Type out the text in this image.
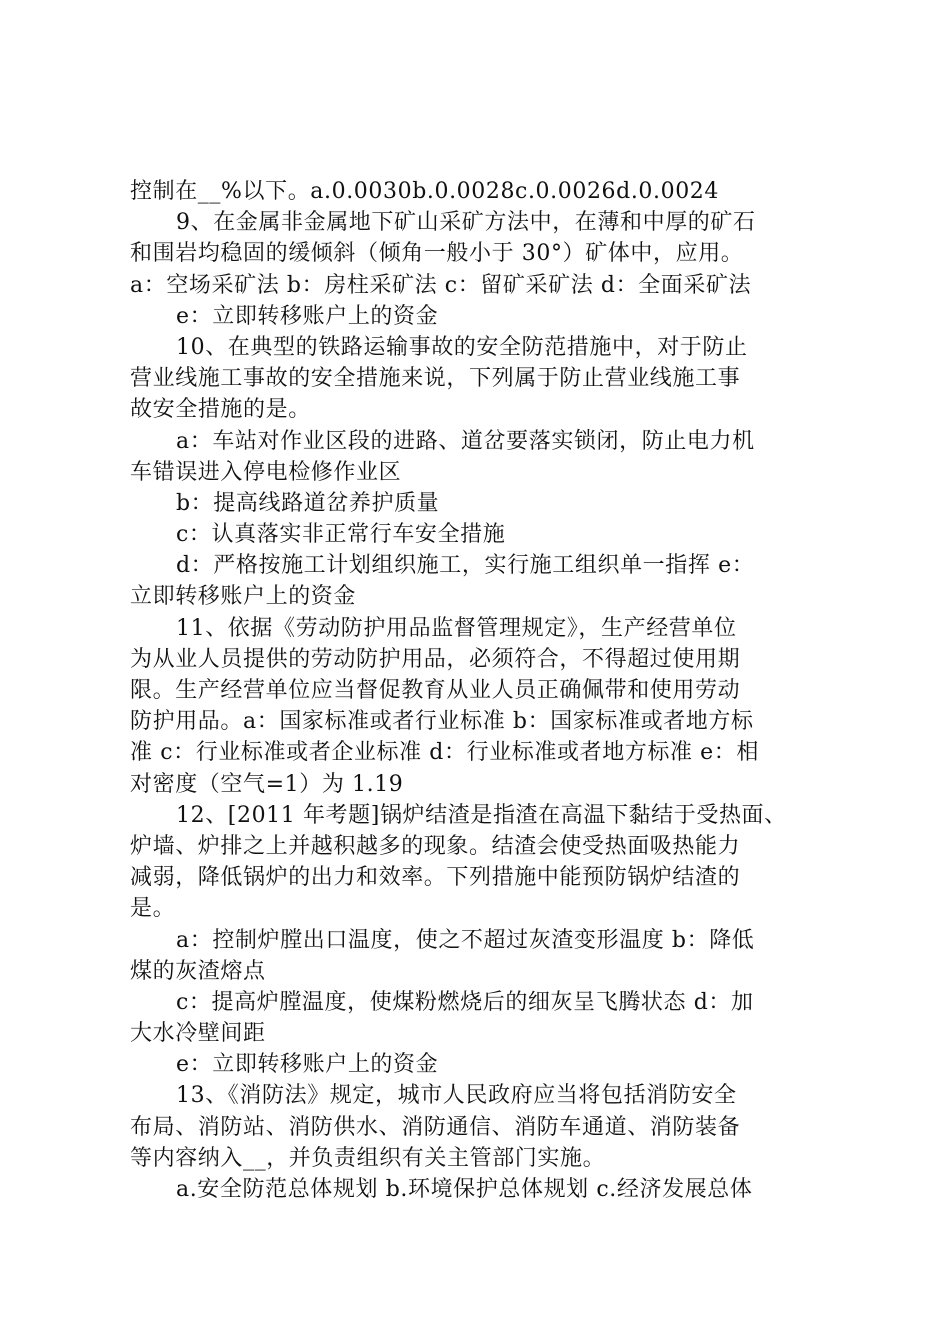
控制在__%以下。a.0.0030b.0.0028c.0.0026d.0.0024
9、在金属非金属地下矿山采矿方法中，在薄和中厚的矿石
和围岩均稳固的缓倾斜（倾角一般小于 30°）矿体中，应用。
a：空场采矿法 b：房柱采矿法 c：留矿采矿法 d：全面采矿法
e：立即转移账户上的资金
10、在典型的铁路运输事故的安全防范措施中，对于防止
营业线施工事故的安全措施来说，下列属于防止营业线施工事
故安全措施的是。
a：车站对作业区段的进路、道岔要落实锁闭，防止电力机
车错误进入停电检修作业区
b：提高线路道岔养护质量
c：认真落实非正常行车安全措施
d：严格按施工计划组织施工，实行施工组织单一指挥 e：
立即转移账户上的资金
11、依据《劳动防护用品监督管理规定》，生产经营单位
为从业人员提供的劳动防护用品，必须符合，不得超过使用期
限。生产经营单位应当督促教育从业人员正确佩带和使用劳动
防护用品。a：国家标准或者行业标准 b：国家标准或者地方标
准 c：行业标准或者企业标准 d：行业标准或者地方标准 e：相
对密度（空气=1）为 1.19
12、[2011 年考题]锅炉结渣是指渣在高温下黏结于受热面、
炉墙、炉排之上并越积越多的现象。结渣会使受热面吸热能力
减弱，降低锅炉的出力和效率。下列措施中能预防锅炉结渣的
是。
a：控制炉膛出口温度，使之不超过灰渣变形温度 b：降低
煤的灰渣熔点
c：提高炉膛温度，使煤粉燃烧后的细灰呈飞腾状态 d：加
大水冷壁间距
e：立即转移账户上的资金
13、《消防法》规定，城市人民政府应当将包括消防安全
布局、消防站、消防供水、消防通信、消防车通道、消防装备
等内容纳入__，并负责组织有关主管部门实施。
a.安全防范总体规划 b.环境保护总体规划 c.经济发展总体
